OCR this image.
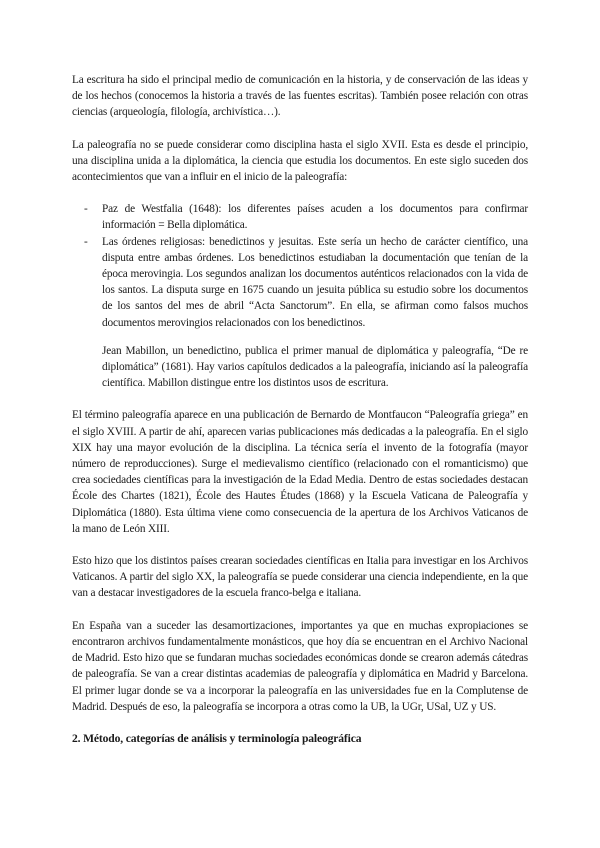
La escritura ha sido el principal medio de comunicación en la historia, y de conservación de las ideas y de los hechos (conocemos la historia a través de las fuentes escritas). También posee relación con otras ciencias (arqueología, filología, archivística…).

La paleografía no se puede considerar como disciplina hasta el siglo XVII. Esta es desde el principio, una disciplina unida a la diplomática, la ciencia que estudia los documentos. En este siglo suceden dos acontecimientos que van a influir en el inicio de la paleografía:

- Paz de Westfalia (1648): los diferentes países acuden a los documentos para confirmar información = Bella diplomática.
- Las órdenes religiosas: benedictinos y jesuitas. Este sería un hecho de carácter científico, una disputa entre ambas órdenes. Los benedictinos estudiaban la documentación que tenían de la época merovingia. Los segundos analizan los documentos auténticos relacionados con la vida de los santos. La disputa surge en 1675 cuando un jesuita pública su estudio sobre los documentos de los santos del mes de abril “Acta Sanctorum”. En ella, se afirman como falsos muchos documentos merovingios relacionados con los benedictinos.

Jean Mabillon, un benedictino, publica el primer manual de diplomática y paleografía, “De re diplomática” (1681). Hay varios capítulos dedicados a la paleografía, iniciando así la paleografía científica. Mabillon distingue entre los distintos usos de escritura.

El término paleografía aparece en una publicación de Bernardo de Montfaucon “Paleografía griega” en el siglo XVIII. A partir de ahí, aparecen varias publicaciones más dedicadas a la paleografía. En el siglo XIX hay una mayor evolución de la disciplina. La técnica sería el invento de la fotografía (mayor número de reproducciones). Surge el medievalismo científico (relacionado con el romanticismo) que crea sociedades científicas para la investigación de la Edad Media. Dentro de estas sociedades destacan École des Chartes (1821), École des Hautes Études (1868) y la Escuela Vaticana de Paleografía y Diplomática (1880). Esta última viene como consecuencia de la apertura de los Archivos Vaticanos de la mano de León XIII.

Esto hizo que los distintos países crearan sociedades científicas en Italia para investigar en los Archivos Vaticanos. A partir del siglo XX, la paleografía se puede considerar una ciencia independiente, en la que van a destacar investigadores de la escuela franco-belga e italiana.

En España van a suceder las desamortizaciones, importantes ya que en muchas expropiaciones se encontraron archivos fundamentalmente monásticos, que hoy día se encuentran en el Archivo Nacional de Madrid. Esto hizo que se fundaran muchas sociedades económicas donde se crearon además cátedras de paleografía. Se van a crear distintas academias de paleografía y diplomática en Madrid y Barcelona. El primer lugar donde se va a incorporar la paleografía en las universidades fue en la Complutense de Madrid. Después de eso, la paleografía se incorpora a otras como la UB, la UGr, USal, UZ y US.

2. Método, categorías de análisis y terminología paleográfica
